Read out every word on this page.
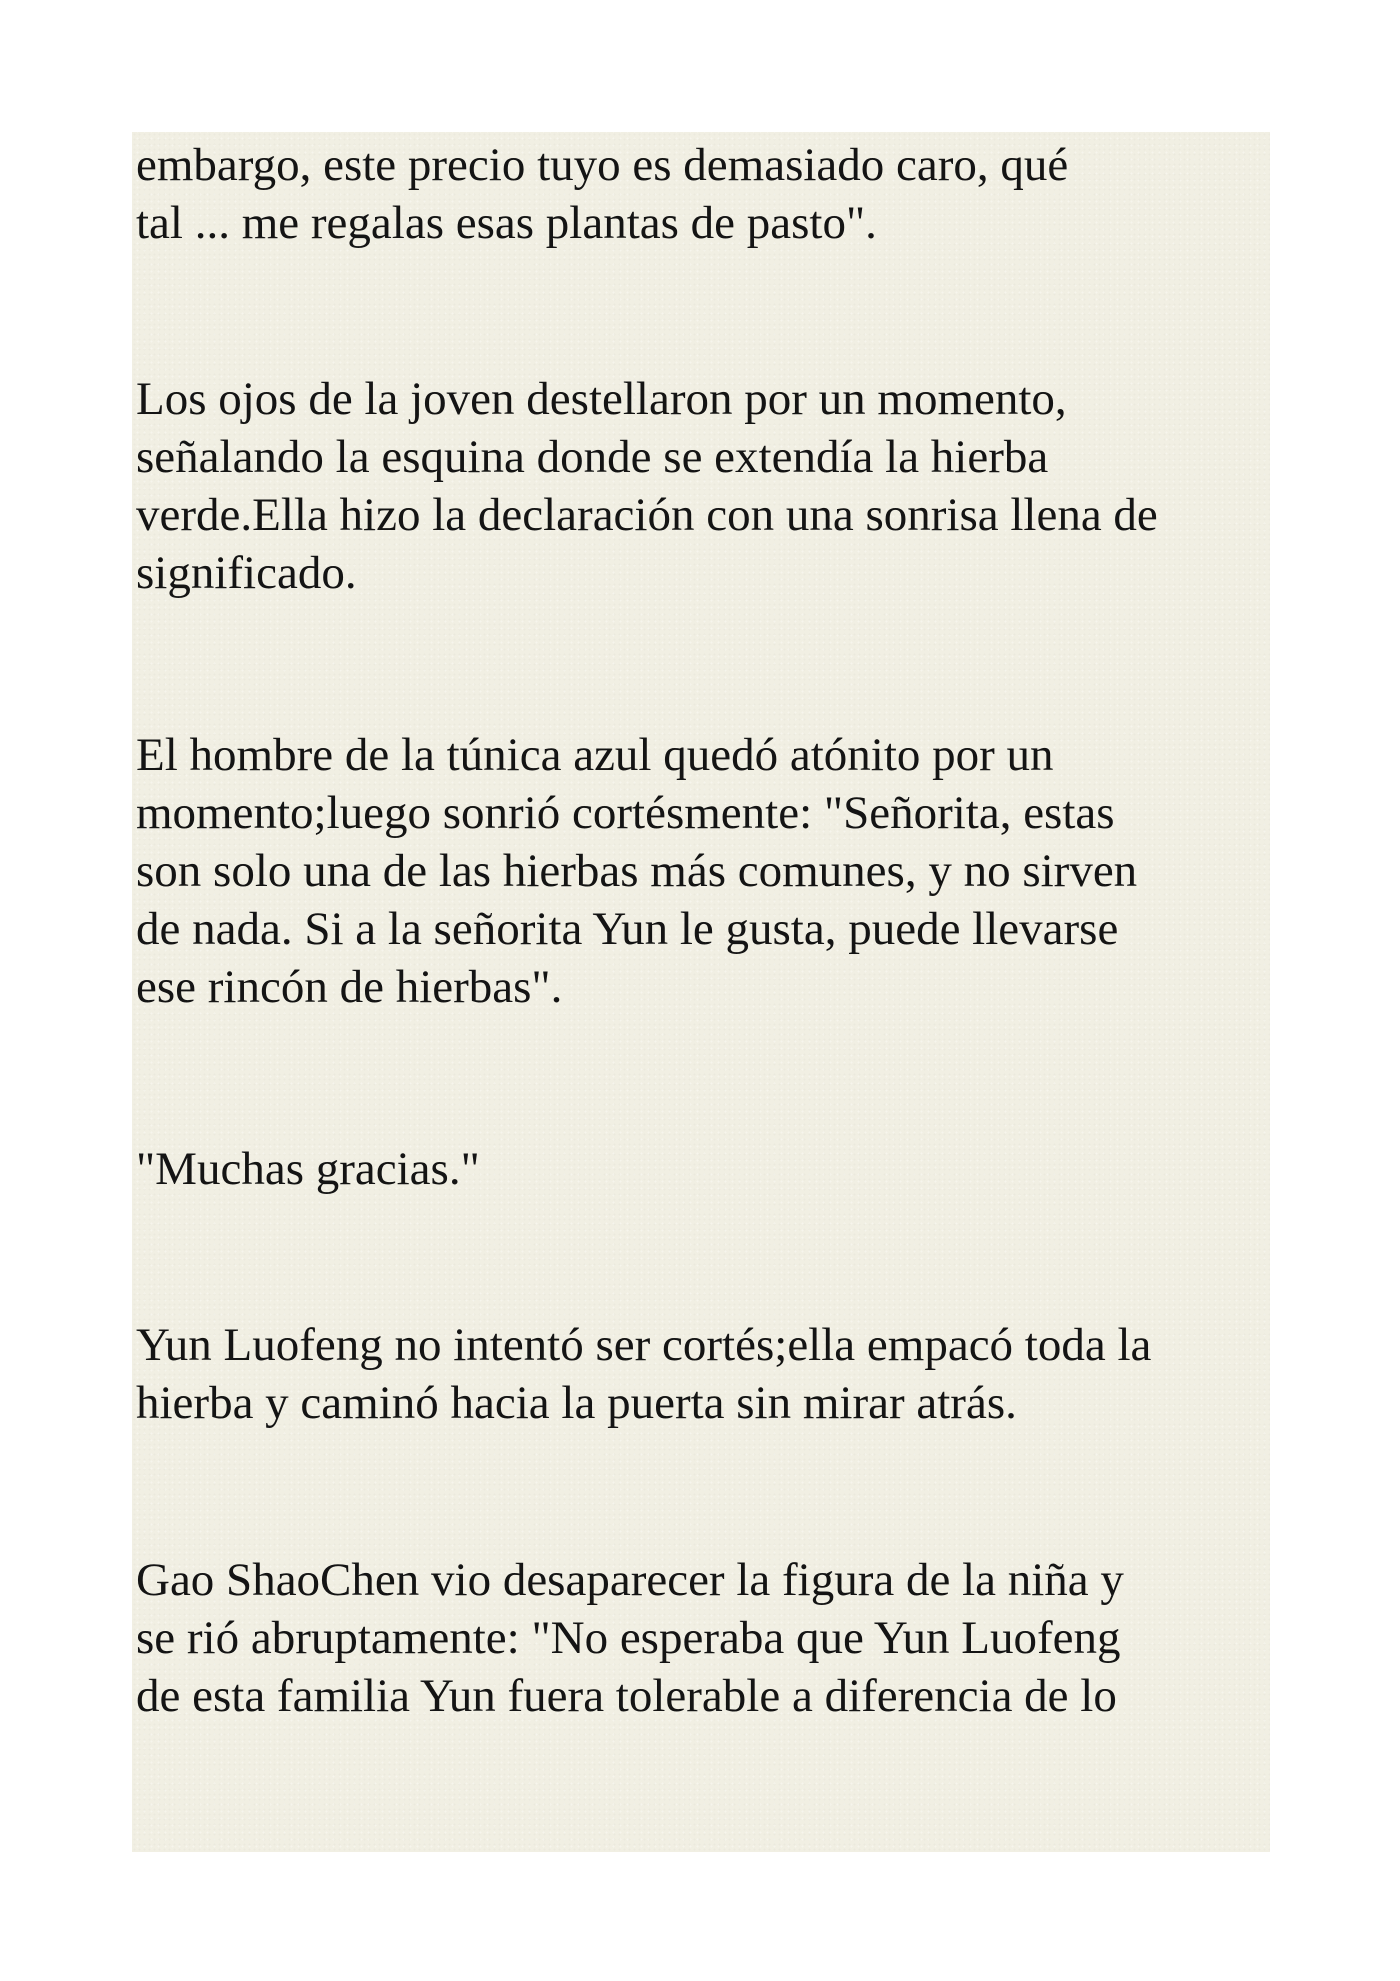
embargo, este precio tuyo es demasiado caro, qué
tal ... me regalas esas plantas de pasto".
Los ojos de la joven destellaron por un momento,
señalando la esquina donde se extendía la hierba
verde.Ella hizo la declaración con una sonrisa llena de
significado.
El hombre de la túnica azul quedó atónito por un
momento;luego sonrió cortésmente: "Señorita, estas
son solo una de las hierbas más comunes, y no sirven
de nada. Si a la señorita Yun le gusta, puede llevarse
ese rincón de hierbas".
"Muchas gracias."
Yun Luofeng no intentó ser cortés;ella empacó toda la
hierba y caminó hacia la puerta sin mirar atrás.
Gao ShaoChen vio desaparecer la figura de la niña y
se rió abruptamente: "No esperaba que Yun Luofeng
de esta familia Yun fuera tolerable a diferencia de lo
